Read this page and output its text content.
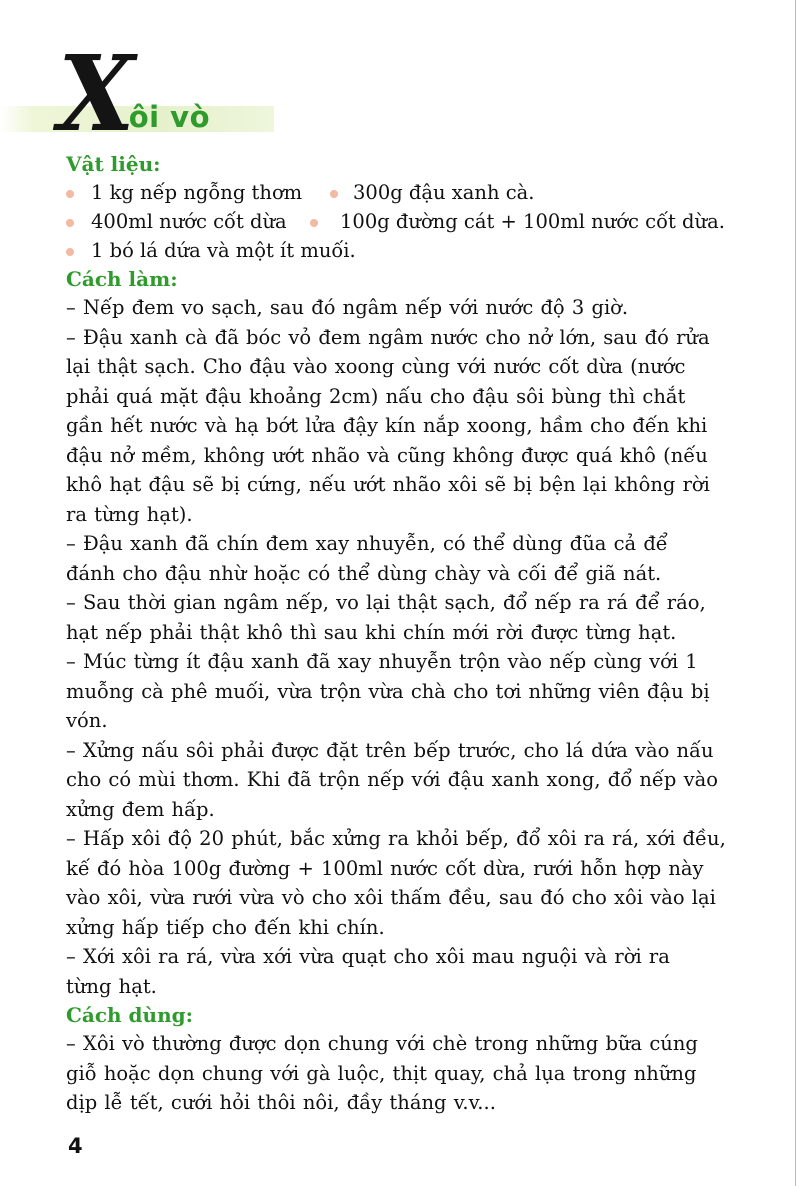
Xôi vò
Vật liệu:
1 kg nếp ngỗng thơm	300g đậu xanh cà.
400ml nước cốt dừa	100g đường cát + 100ml nước cốt dừa.
1 bó lá dứa và một ít muối.
Cách làm:

– Nếp đem vo sạch, sau đó ngâm nếp với nước độ 3 giờ.

– Đậu xanh cà đã bóc vỏ đem ngâm nước cho nở lớn, sau đó rửa
lại thật sạch. Cho đậu vào xoong cùng với nước cốt dừa (nước
phải quá mặt đậu khoảng 2cm) nấu cho đậu sôi bùng thì chắt
gần hết nước và hạ bớt lửa đậy kín nắp xoong, hầm cho đến khi
đậu nở mềm, không ướt nhão và cũng không được quá khô (nếu
khô hạt đậu sẽ bị cứng, nếu ướt nhão xôi sẽ bị bện lại không rời
ra từng hạt).

– Đậu xanh đã chín đem xay nhuyễn, có thể dùng đũa cả để
đánh cho đậu nhừ hoặc có thể dùng chày và cối để giã nát.

– Sau thời gian ngâm nếp, vo lại thật sạch, đổ nếp ra rá để ráo,
hạt nếp phải thật khô thì sau khi chín mới rời được từng hạt.

– Múc từng ít đậu xanh đã xay nhuyễn trộn vào nếp cùng với 1
muỗng cà phê muối, vừa trộn vừa chà cho tơi những viên đậu bị
vón.

– Xửng nấu sôi phải được đặt trên bếp trước, cho lá dứa vào nấu
cho có mùi thơm. Khi đã trộn nếp với đậu xanh xong, đổ nếp vào
xửng đem hấp.

– Hấp xôi độ 20 phút, bắc xửng ra khỏi bếp, đổ xôi ra rá, xới đều,
kế đó hòa 100g đường + 100ml nước cốt dừa, rưới hỗn hợp này
vào xôi, vừa rưới vừa vò cho xôi thấm đều, sau đó cho xôi vào lại
xửng hấp tiếp cho đến khi chín.

– Xới xôi ra rá, vừa xới vừa quạt cho xôi mau nguội và rời ra
từng hạt.

Cách dùng:

– Xôi vò thường được dọn chung với chè trong những bữa cúng
giỗ hoặc dọn chung với gà luộc, thịt quay, chả lụa trong những
dịp lễ tết, cưới hỏi thôi nôi, đầy tháng v.v...

4
